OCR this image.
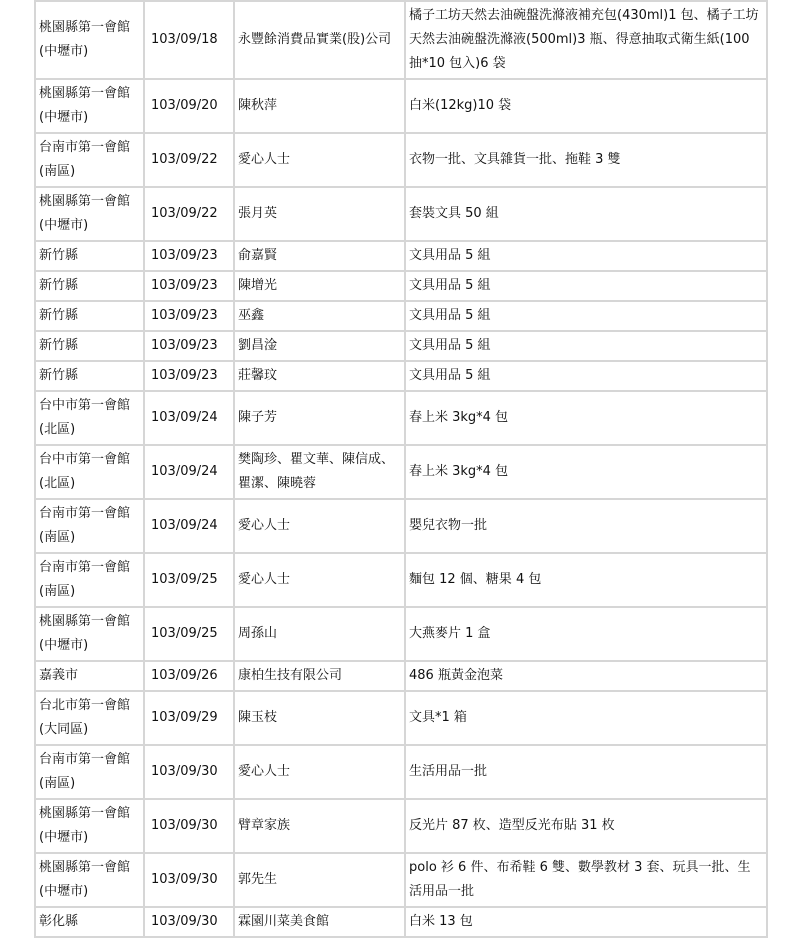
桃園縣第一會館(中壢市)	103/09/18	永豐餘消費品實業(股)公司	橘子工坊天然去油碗盤洗滌液補充包(430ml)1 包、橘子工坊天然去油碗盤洗滌液(500ml)3 瓶、得意抽取式衛生紙(100 抽*10 包入)6 袋
桃園縣第一會館(中壢市)	103/09/20	陳秋萍	白米(12kg)10 袋
台南市第一會館(南區)	103/09/22	愛心人士	衣物一批、文具雜貨一批、拖鞋 3 雙
桃園縣第一會館(中壢市)	103/09/22	張月英	套裝文具 50 組
新竹縣	103/09/23	俞嘉賢	文具用品 5 組
新竹縣	103/09/23	陳增光	文具用品 5 組
新竹縣	103/09/23	巫鑫	文具用品 5 組
新竹縣	103/09/23	劉昌淦	文具用品 5 組
新竹縣	103/09/23	莊馨玟	文具用品 5 組
台中市第一會館(北區)	103/09/24	陳子芳	春上米 3kg*4 包
台中市第一會館(北區)	103/09/24	樊陶珍、瞿文華、陳信成、瞿潔、陳曉蓉	春上米 3kg*4 包
台南市第一會館(南區)	103/09/24	愛心人士	嬰兒衣物一批
台南市第一會館(南區)	103/09/25	愛心人士	麵包 12 個、糖果 4 包
桃園縣第一會館(中壢市)	103/09/25	周孫山	大燕麥片 1 盒
嘉義市	103/09/26	康柏生技有限公司	486 瓶黃金泡菜
台北市第一會館(大同區)	103/09/29	陳玉枝	文具*1 箱
台南市第一會館(南區)	103/09/30	愛心人士	生活用品一批
桃園縣第一會館(中壢市)	103/09/30	臂章家族	反光片 87 枚、造型反光布貼 31 枚
桃園縣第一會館(中壢市)	103/09/30	郭先生	polo 衫 6 件、布希鞋 6 雙、數學教材 3 套、玩具一批、生活用品一批
彰化縣	103/09/30	霖園川菜美食館	白米 13 包
